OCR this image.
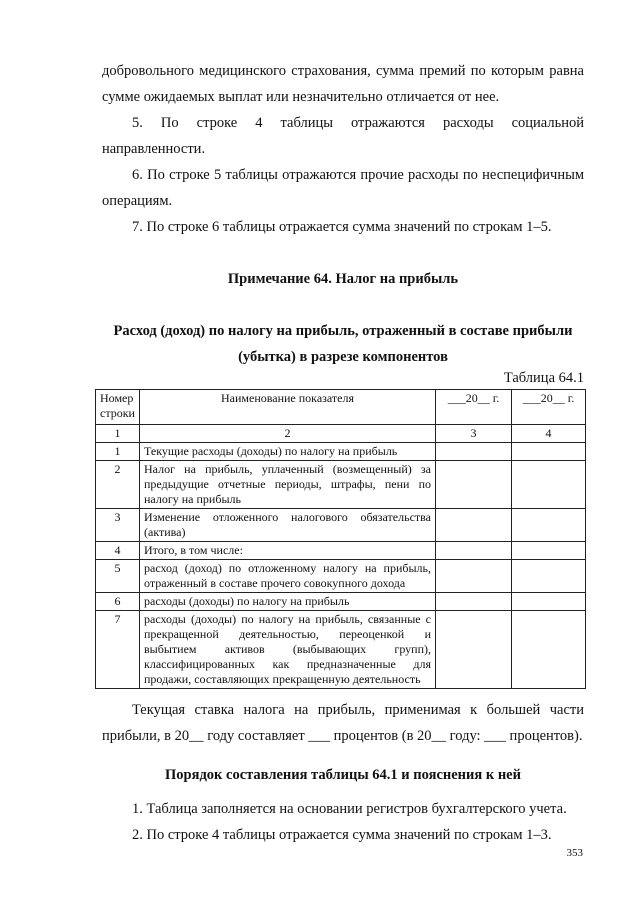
добровольного медицинского страхования, сумма премий по которым равна сумме ожидаемых выплат или незначительно отличается от нее.

5. По строке 4 таблицы отражаются расходы социальной направленности.

6. По строке 5 таблицы отражаются прочие расходы по неспецифичным операциям.

7. По строке 6 таблицы отражается сумма значений по строкам 1–5.

Примечание 64. Налог на прибыль

Расход (доход) по налогу на прибыль, отраженный в составе прибыли

(убытка) в разрезе компонентов

Таблица 64.1

Номер строки	Наименование показателя	___20__ г.	___20__ г.
1	2	3	4
1	Текущие расходы (доходы) по налогу на прибыль		
2	Налог на прибыль, уплаченный (возмещенный) за предыдущие отчетные периоды, штрафы, пени по налогу на прибыль		
3	Изменение отложенного налогового обязательства (актива)		
4	Итого, в том числе:		
5	расход (доход) по отложенному налогу на прибыль, отраженный в составе прочего совокупного дохода		
6	расходы (доходы) по налогу на прибыль		
7	расходы (доходы) по налогу на прибыль, связанные с прекращенной деятельностью, переоценкой и выбытием активов (выбывающих групп), классифицированных как предназначенные для продажи, составляющих прекращенную деятельность		

Текущая ставка налога на прибыль, применимая к большей части прибыли, в 20__ году составляет ___ процентов (в 20__ году: ___ процентов).

Порядок составления таблицы 64.1 и пояснения к ней

1. Таблица заполняется на основании регистров бухгалтерского учета.

2. По строке 4 таблицы отражается сумма значений по строкам 1–3.

353
